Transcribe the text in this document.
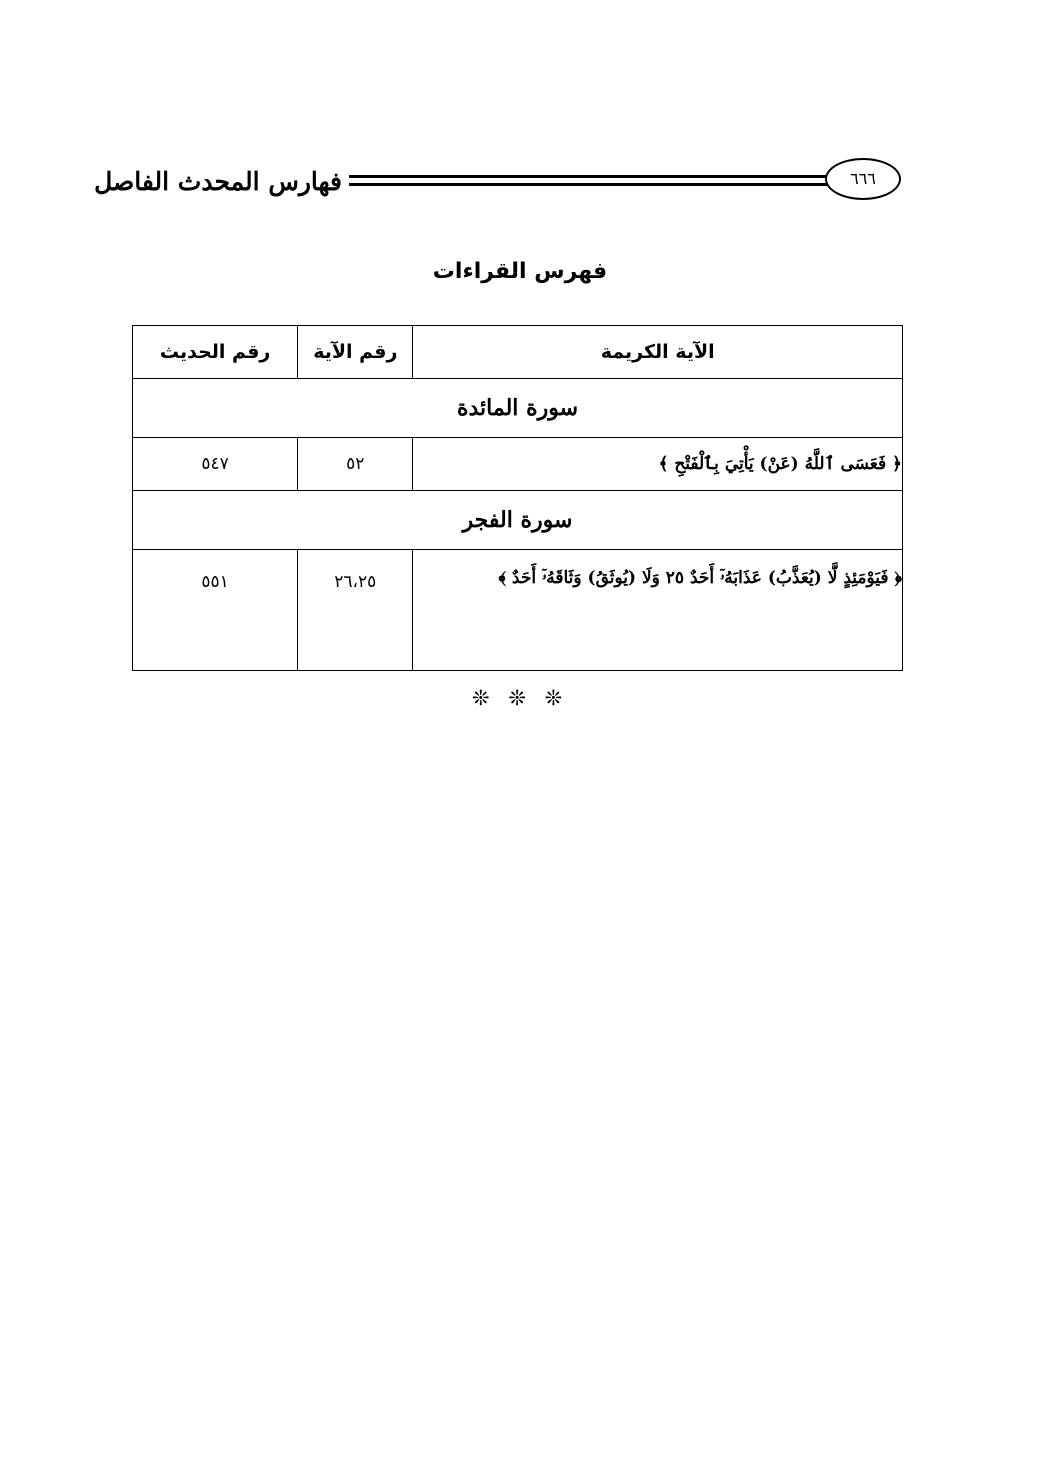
فهارس المحدث الفاصل	٦٦٦
فهرس القراءات
الآية الكريمة	رقم الآية	رقم الحديث
سورة المائدة		
﴿ فَعَسَى ٱللَّهُ (عَنْ) يَأْتِيَ بِٱلْفَتْحِ ﴾	٥٢	٥٤٧
سورة الفجر		
﴿ فَيَوْمَئِذٍ لَّا (يُعَذَّبُ) عَذَابَهُۥٓ أَحَدٌ ٢٥ وَلَا (يُوثَقُ) وَثَاقَهُۥٓ أَحَدٌ ﴾	٢٦،٢٥	٥٥١
❊ ❊ ❊
